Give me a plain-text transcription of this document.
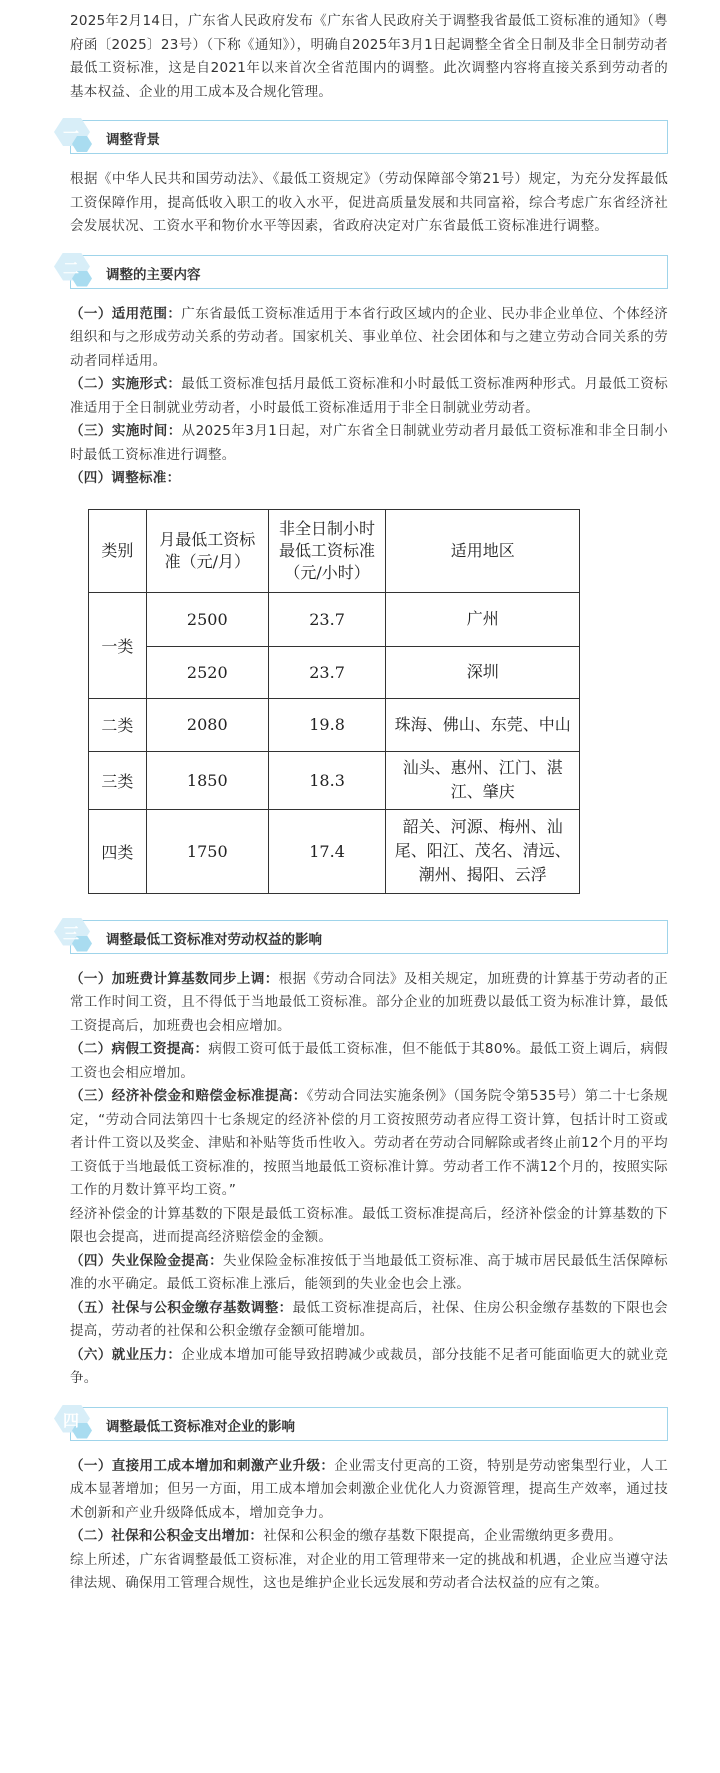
2025年2月14日，广东省人民政府发布《广东省人民政府关于调整我省最低工资标准的通知》（粤府函〔2025〕23号）（下称《通知》），明确自2025年3月1日起调整全省全日制及非全日制劳动者最低工资标准，这是自2021年以来首次全省范围内的调整。此次调整内容将直接关系到劳动者的基本权益、企业的用工成本及合规化管理。

一	调整背景

根据《中华人民共和国劳动法》、《最低工资规定》（劳动保障部令第21号）规定，为充分发挥最低工资保障作用，提高低收入职工的收入水平，促进高质量发展和共同富裕，综合考虑广东省经济社会发展状况、工资水平和物价水平等因素，省政府决定对广东省最低工资标准进行调整。

二	调整的主要内容

（一）适用范围：广东省最低工资标准适用于本省行政区域内的企业、民办非企业单位、个体经济组织和与之形成劳动关系的劳动者。国家机关、事业单位、社会团体和与之建立劳动合同关系的劳动者同样适用。

（二）实施形式：最低工资标准包括月最低工资标准和小时最低工资标准两种形式。月最低工资标准适用于全日制就业劳动者，小时最低工资标准适用于非全日制就业劳动者。

（三）实施时间：从2025年3月1日起，对广东省全日制就业劳动者月最低工资标准和非全日制小时最低工资标准进行调整。

（四）调整标准：

类别	月最低工资标准（元/月）	非全日制小时最低工资标准（元/小时）	适用地区
一类	2500	23.7	广州
	2520	23.7	深圳
二类	2080	19.8	珠海、佛山、东莞、中山
三类	1850	18.3	汕头、惠州、江门、湛江、肇庆
四类	1750	17.4	韶关、河源、梅州、汕尾、阳江、茂名、清远、潮州、揭阳、云浮
三	调整最低工资标准对劳动权益的影响

（一）加班费计算基数同步上调：根据《劳动合同法》及相关规定，加班费的计算基于劳动者的正常工作时间工资，且不得低于当地最低工资标准。部分企业的加班费以最低工资为标准计算，最低工资提高后，加班费也会相应增加。

（二）病假工资提高：病假工资可低于最低工资标准，但不能低于其80%。最低工资上调后，病假工资也会相应增加。

（三）经济补偿金和赔偿金标准提高：《劳动合同法实施条例》（国务院令第535号）第二十七条规定，“劳动合同法第四十七条规定的经济补偿的月工资按照劳动者应得工资计算，包括计时工资或者计件工资以及奖金、津贴和补贴等货币性收入。劳动者在劳动合同解除或者终止前12个月的平均工资低于当地最低工资标准的，按照当地最低工资标准计算。劳动者工作不满12个月的，按照实际工作的月数计算平均工资。”

经济补偿金的计算基数的下限是最低工资标准。最低工资标准提高后，经济补偿金的计算基数的下限也会提高，进而提高经济赔偿金的金额。

（四）失业保险金提高：失业保险金标准按低于当地最低工资标准、高于城市居民最低生活保障标准的水平确定。最低工资标准上涨后，能领到的失业金也会上涨。

（五）社保与公积金缴存基数调整：最低工资标准提高后，社保、住房公积金缴存基数的下限也会提高，劳动者的社保和公积金缴存金额可能增加。

（六）就业压力：企业成本增加可能导致招聘减少或裁员，部分技能不足者可能面临更大的就业竞争。

四	调整最低工资标准对企业的影响

（一）直接用工成本增加和刺激产业升级：企业需支付更高的工资，特别是劳动密集型行业，人工成本显著增加；但另一方面，用工成本增加会刺激企业优化人力资源管理，提高生产效率，通过技术创新和产业升级降低成本，增加竞争力。

（二）社保和公积金支出增加：社保和公积金的缴存基数下限提高，企业需缴纳更多费用。

综上所述，广东省调整最低工资标准，对企业的用工管理带来一定的挑战和机遇，企业应当遵守法律法规、确保用工管理合规性，这也是维护企业长远发展和劳动者合法权益的应有之策。
